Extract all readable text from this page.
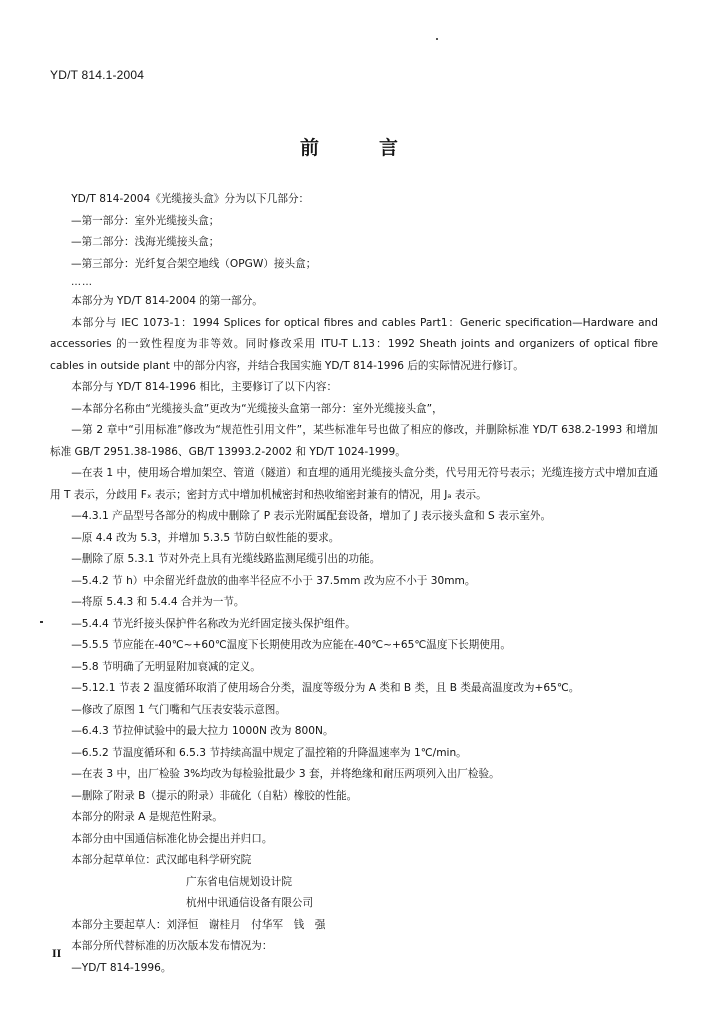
YD/T 814.1-2004
前	言

YD/T 814-2004《光缆接头盒》分为以下几部分：

—第一部分：室外光缆接头盒；

—第二部分：浅海光缆接头盒；

—第三部分：光纤复合架空地线（OPGW）接头盒；

……

本部分为 YD/T 814-2004 的第一部分。

本部分与 IEC 1073-1：1994 Splices for optical fibres and cables Part1：Generic specification—Hardware and accessories 的一致性程度为非等效。同时修改采用 ITU-T L.13：1992 Sheath joints and organizers of optical fibre cables in outside plant 中的部分内容，并结合我国实施 YD/T 814-1996 后的实际情况进行修订。

本部分与 YD/T 814-1996 相比，主要修订了以下内容：

—本部分名称由“光缆接头盒”更改为“光缆接头盒第一部分：室外光缆接头盒”，

—第 2 章中“引用标准”修改为“规范性引用文件”，某些标准年号也做了相应的修改，并删除标准 YD/T 638.2-1993 和增加标准 GB/T 2951.38-1986、GB/T 13993.2-2002 和 YD/T 1024-1999。

—在表 1 中，使用场合增加架空、管道（隧道）和直埋的通用光缆接头盒分类，代号用无符号表示；光缆连接方式中增加直通用 T 表示，分歧用 Fₓ 表示；密封方式中增加机械密封和热收缩密封兼有的情况，用 Jₐ 表示。

—4.3.1 产品型号各部分的构成中删除了 P 表示光附属配套设备，增加了 J 表示接头盒和 S 表示室外。

—原 4.4 改为 5.3，并增加 5.3.5 节防白蚁性能的要求。

—删除了原 5.3.1 节对外壳上具有光缆线路监测尾缆引出的功能。

—5.4.2 节 h）中余留光纤盘放的曲率半径应不小于 37.5mm 改为应不小于 30mm。

—将原 5.4.3 和 5.4.4 合并为一节。

—5.4.4 节光纤接头保护件名称改为光纤固定接头保护组件。

—5.5.5 节应能在-40℃~+60℃温度下长期使用改为应能在-40℃~+65℃温度下长期使用。

—5.8 节明确了无明显附加衰减的定义。

—5.12.1 节表 2 温度循环取消了使用场合分类，温度等级分为 A 类和 B 类，且 B 类最高温度改为+65℃。

—修改了原图 1 气门嘴和气压表安装示意图。

—6.4.3 节拉伸试验中的最大拉力 1000N 改为 800N。

—6.5.2 节温度循环和 6.5.3 节持续高温中规定了温控箱的升降温速率为 1℃/min。

—在表 3 中，出厂检验 3%均改为每检验批最少 3 套，并将绝缘和耐压两项列入出厂检验。

—删除了附录 B（提示的附录）非硫化（自粘）橡胶的性能。

本部分的附录 A 是规范性附录。

本部分由中国通信标准化协会提出并归口。

本部分起草单位：武汉邮电科学研究院

广东省电信规划设计院

杭州中讯通信设备有限公司

本部分主要起草人：刘泽恒　谢桂月　付华军　钱　强

本部分所代替标准的历次版本发布情况为：

—YD/T 814-1996。

II
